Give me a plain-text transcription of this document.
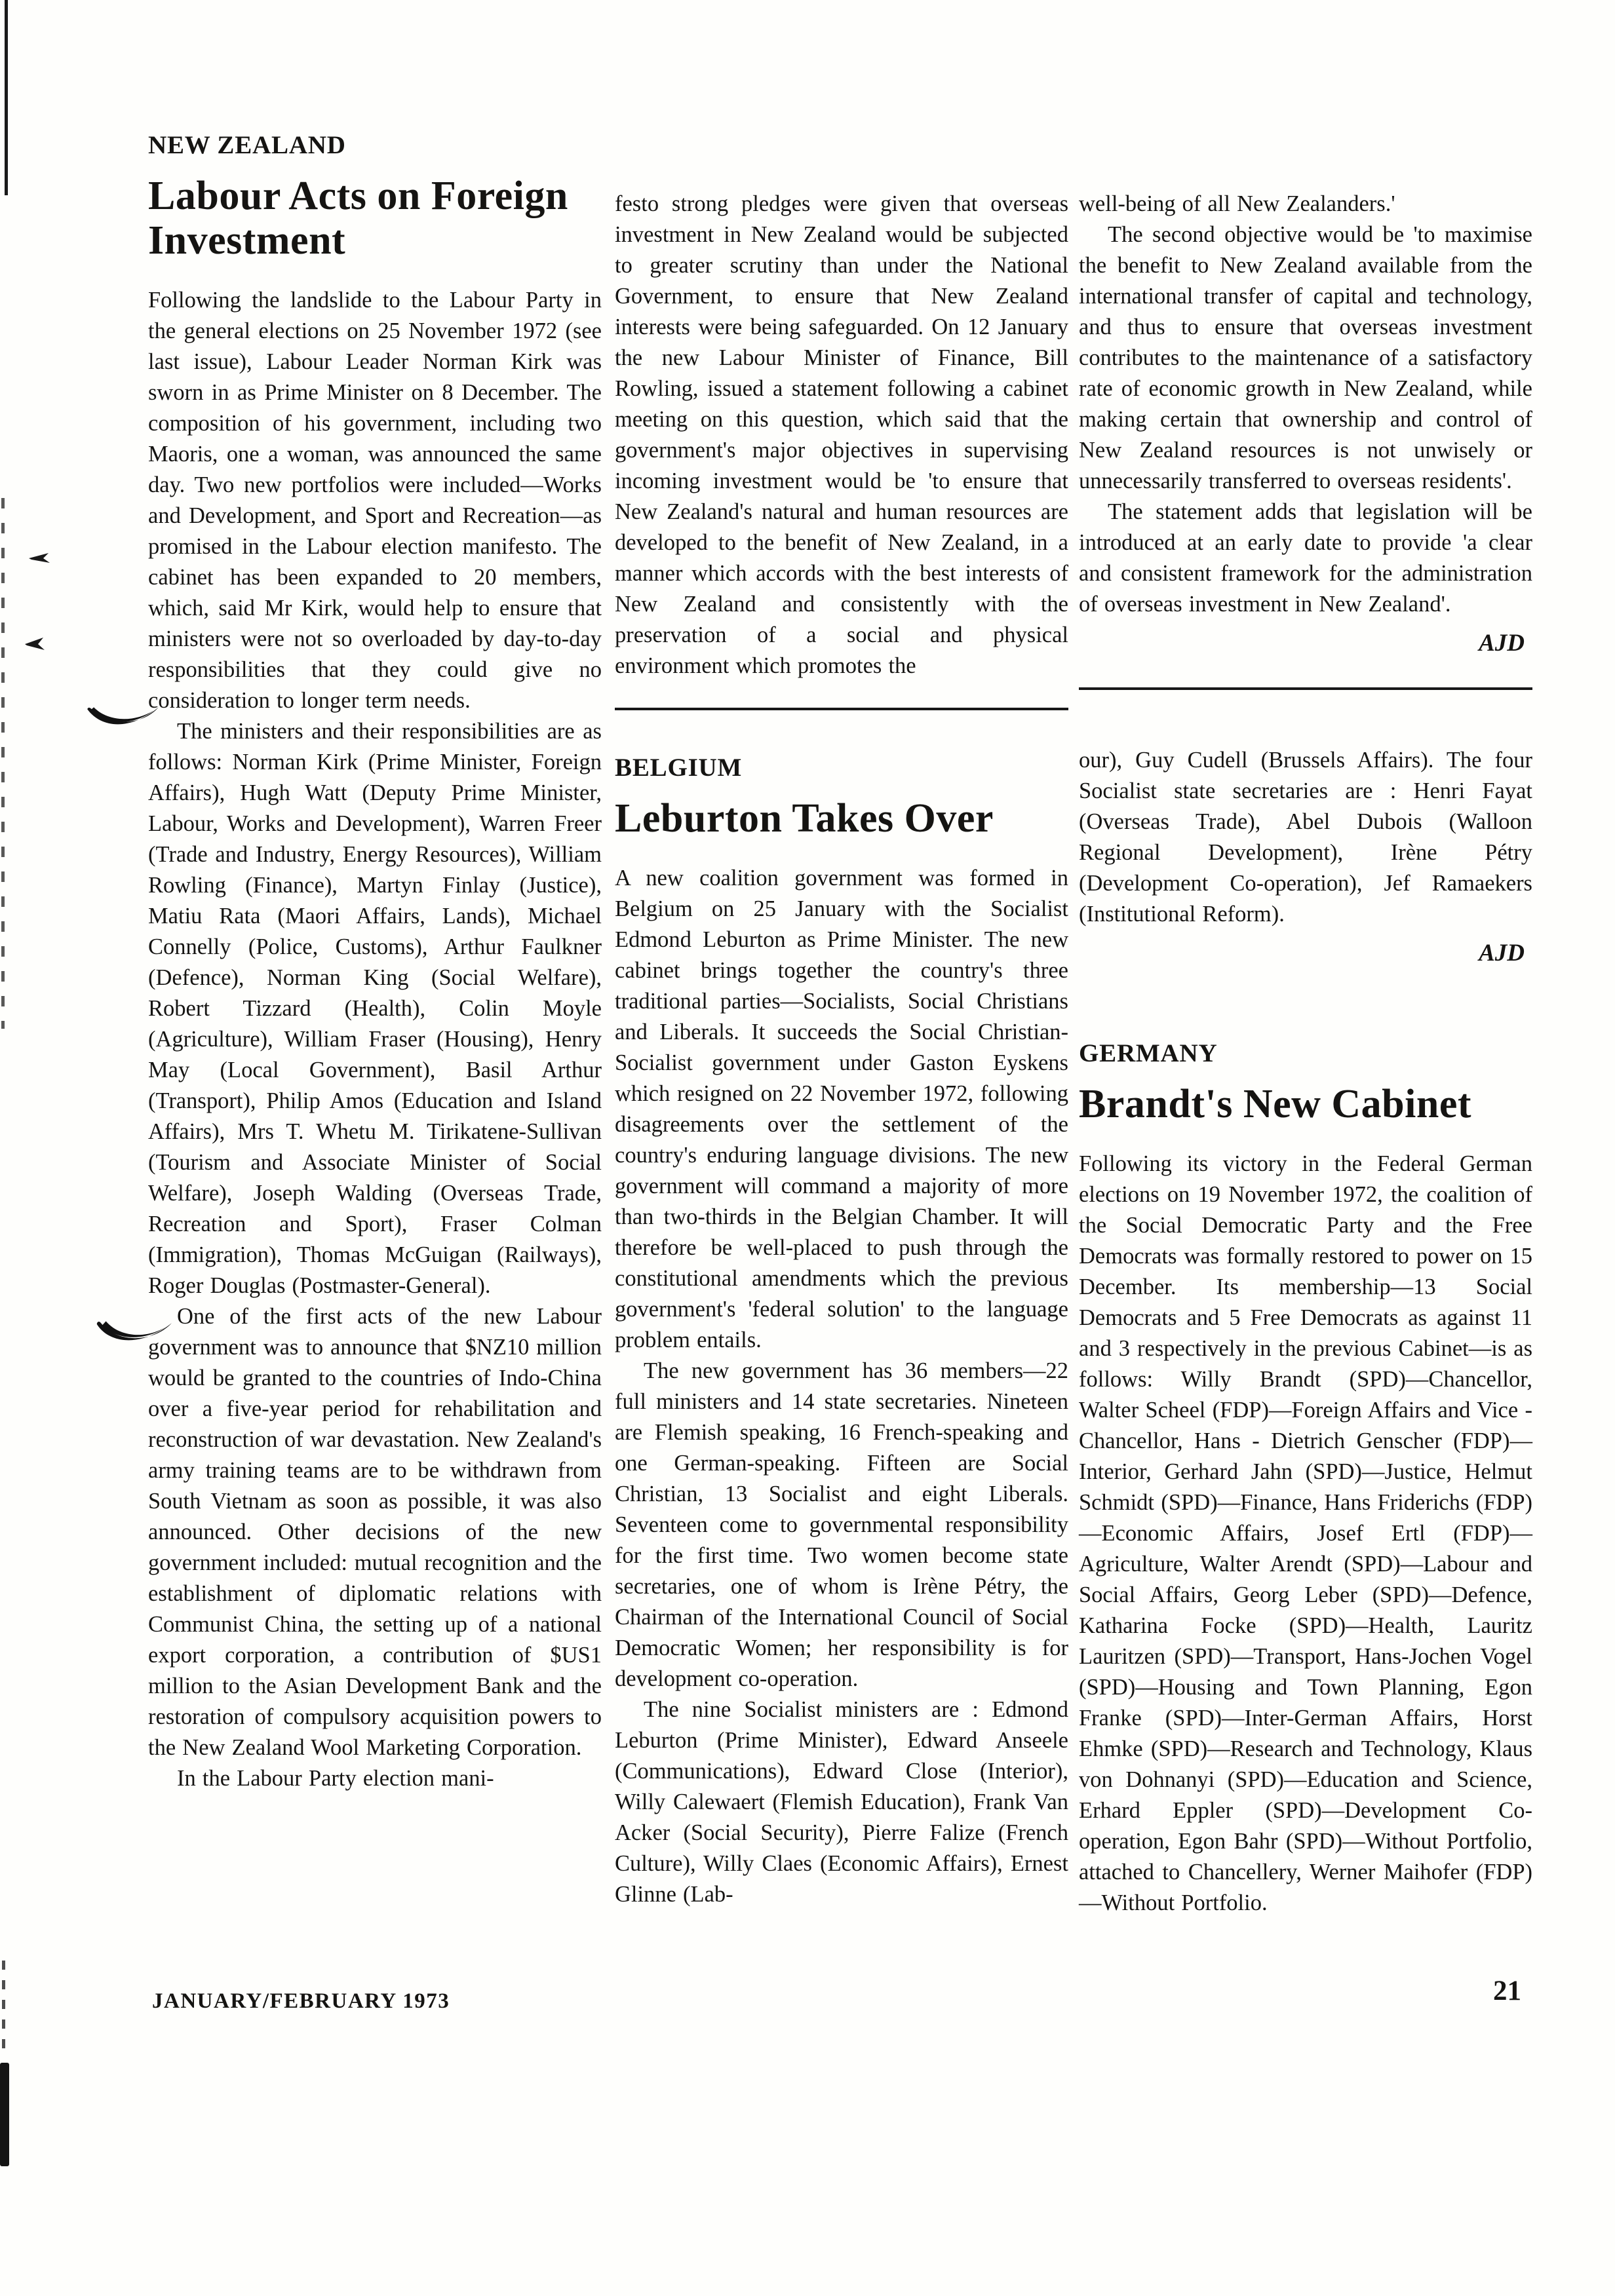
NEW ZEALAND
Labour Acts on Foreign Investment

Following the landslide to the Labour Party in the general elections on 25 November 1972 (see last issue), Labour Leader Norman Kirk was sworn in as Prime Minister on 8 December. The composition of his government, including two Maoris, one a woman, was announced the same day. Two new portfolios were included—Works and Development, and Sport and Recreation—as promised in the Labour election manifesto. The cabinet has been expanded to 20 members, which, said Mr Kirk, would help to ensure that ministers were not so overloaded by day-to-day responsibilities that they could give no consideration to longer term needs.

The ministers and their responsibilities are as follows: Norman Kirk (Prime Minister, Foreign Affairs), Hugh Watt (Deputy Prime Minister, Labour, Works and Development), Warren Freer (Trade and Industry, Energy Resources), William Rowling (Finance), Martyn Finlay (Justice), Matiu Rata (Maori Affairs, Lands), Michael Connelly (Police, Customs), Arthur Faulkner (Defence), Norman King (Social Welfare), Robert Tizzard (Health), Colin Moyle (Agriculture), William Fraser (Housing), Henry May (Local Government), Basil Arthur (Transport), Philip Amos (Education and Island Affairs), Mrs T. Whetu M. Tirikatene-Sullivan (Tourism and Associate Minister of Social Welfare), Joseph Walding (Overseas Trade, Recreation and Sport), Fraser Colman (Immigration), Thomas McGuigan (Railways), Roger Douglas (Postmaster-General).

One of the first acts of the new Labour government was to announce that $NZ10 million would be granted to the countries of Indo-China over a five-year period for rehabilitation and reconstruction of war devastation. New Zealand's army training teams are to be withdrawn from South Vietnam as soon as possible, it was also announced. Other decisions of the new government included: mutual recognition and the establishment of diplomatic relations with Communist China, the setting up of a national export corporation, a contribution of $US1 million to the Asian Development Bank and the restoration of compulsory acquisition powers to the New Zealand Wool Marketing Corporation.

In the Labour Party election mani-

festo strong pledges were given that overseas investment in New Zealand would be subjected to greater scrutiny than under the National Government, to ensure that New Zealand interests were being safeguarded. On 12 January the new Labour Minister of Finance, Bill Rowling, issued a statement following a cabinet meeting on this question, which said that the government's major objectives in supervising incoming investment would be 'to ensure that New Zealand's natural and human resources are developed to the benefit of New Zealand, in a manner which accords with the best interests of New Zealand and consistently with the preservation of a social and physical environment which promotes the

BELGIUM
Leburton Takes Over

A new coalition government was formed in Belgium on 25 January with the Socialist Edmond Leburton as Prime Minister. The new cabinet brings together the country's three traditional parties—Socialists, Social Christians and Liberals. It succeeds the Social Christian-Socialist government under Gaston Eyskens which resigned on 22 November 1972, following disagreements over the settlement of the country's enduring language divisions. The new government will command a majority of more than two-thirds in the Belgian Chamber. It will therefore be well-placed to push through the constitutional amendments which the previous government's 'federal solution' to the language problem entails.

The new government has 36 members—22 full ministers and 14 state secretaries. Nineteen are Flemish speaking, 16 French-speaking and one German-speaking. Fifteen are Social Christian, 13 Socialist and eight Liberals. Seventeen come to governmental responsibility for the first time. Two women become state secretaries, one of whom is Irène Pétry, the Chairman of the International Council of Social Democratic Women; her responsibility is for development co-operation.

The nine Socialist ministers are : Edmond Leburton (Prime Minister), Edward Anseele (Communications), Edward Close (Interior), Willy Calewaert (Flemish Education), Frank Van Acker (Social Security), Pierre Falize (French Culture), Willy Claes (Economic Affairs), Ernest Glinne (Lab-

well-being of all New Zealanders.'

The second objective would be 'to maximise the benefit to New Zealand available from the international transfer of capital and technology, and thus to ensure that overseas investment contributes to the maintenance of a satisfactory rate of economic growth in New Zealand, while making certain that ownership and control of New Zealand resources is not unwisely or unnecessarily transferred to overseas residents'.

The statement adds that legislation will be introduced at an early date to provide 'a clear and consistent framework for the administration of overseas investment in New Zealand'.

AJD

our), Guy Cudell (Brussels Affairs). The four Socialist state secretaries are : Henri Fayat (Overseas Trade), Abel Dubois (Walloon Regional Development), Irène Pétry (Development Co-operation), Jef Ramaekers (Institutional Reform).

AJD
GERMANY
Brandt's New Cabinet

Following its victory in the Federal German elections on 19 November 1972, the coalition of the Social Democratic Party and the Free Democrats was formally restored to power on 15 December. Its membership—13 Social Democrats and 5 Free Democrats as against 11 and 3 respectively in the previous Cabinet—is as follows: Willy Brandt (SPD)—Chancellor, Walter Scheel (FDP)—Foreign Affairs and Vice - Chancellor, Hans - Dietrich Genscher (FDP)—Interior, Gerhard Jahn (SPD)—Justice, Helmut Schmidt (SPD)—Finance, Hans Friderichs (FDP)—Economic Affairs, Josef Ertl (FDP)—Agriculture, Walter Arendt (SPD)—Labour and Social Affairs, Georg Leber (SPD)—Defence, Katharina Focke (SPD)—Health, Lauritz Lauritzen (SPD)—Transport, Hans-Jochen Vogel (SPD)—Housing and Town Planning, Egon Franke (SPD)—Inter-German Affairs, Horst Ehmke (SPD)—Research and Technology, Klaus von Dohnanyi (SPD)—Education and Science, Erhard Eppler (SPD)—Development Co-operation, Egon Bahr (SPD)—Without Portfolio, attached to Chancellery, Werner Maihofer (FDP)—Without Portfolio.

JANUARY/FEBRUARY 1973	21
